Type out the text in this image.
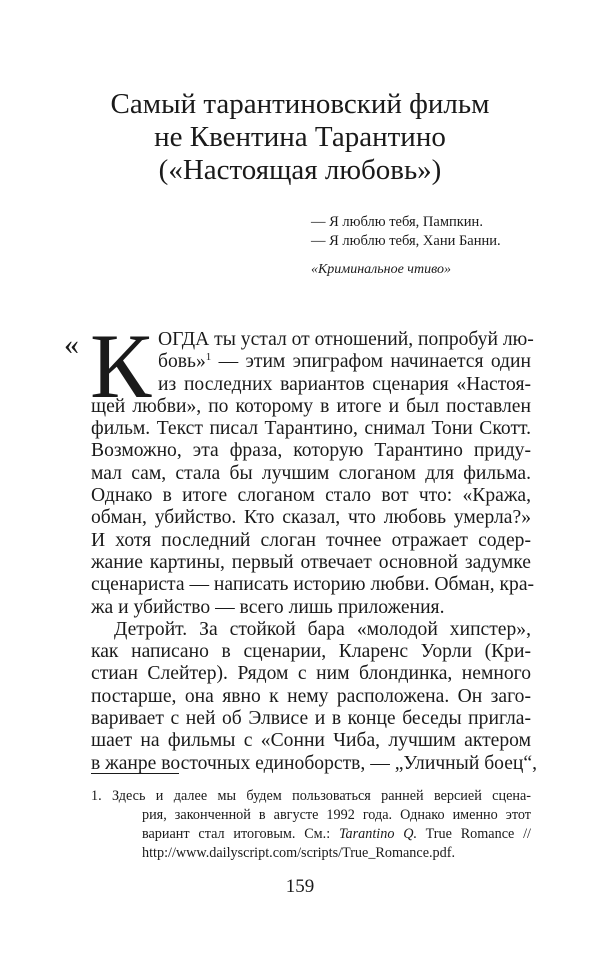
Самый тарантиновский фильм
не Квентина Тарантино
(«Настоящая любовь»)
— Я люблю тебя, Пампкин.
— Я люблю тебя, Хани Банни.
«Криминальное чтиво»
« К ОГДА ты устал от отношений, попробуй лю-
бовь»$^1$ — этим эпиграфом начинается один
из последних вариантов сценария «Настоя-
щей любви», по которому в итоге и был поставлен
фильм. Текст писал Тарантино, снимал Тони Скотт.
Возможно, эта фраза, которую Тарантино приду-
мал сам, стала бы лучшим слоганом для фильма.
Однако в итоге слоганом стало вот что: «Кража,
обман, убийство. Кто сказал, что любовь умерла?»
И хотя последний слоган точнее отражает содер-
жание картины, первый отвечает основной задумке
сценариста — написать историю любви. Обман, кра-
жа и убийство — всего лишь приложения.
Детройт. За стойкой бара «молодой хипстер»,
как написано в сценарии, Кларенс Уорли (Кри-
стиан Слейтер). Рядом с ним блондинка, немного
постарше, она явно к нему расположена. Он заго-
варивает с ней об Элвисе и в конце беседы пригла-
шает на фильмы с «Сонни Чиба, лучшим актером
в жанре восточных единоборств, — „Уличный боец“,
1. Здесь и далее мы будем пользоваться ранней версией сцена-
рия, законченной в августе 1992 года. Однако именно этот
вариант стал итоговым. См.: Tarantino Q. True Romance //
http://www.dailyscript.com/scripts/True_Romance.pdf.
159
